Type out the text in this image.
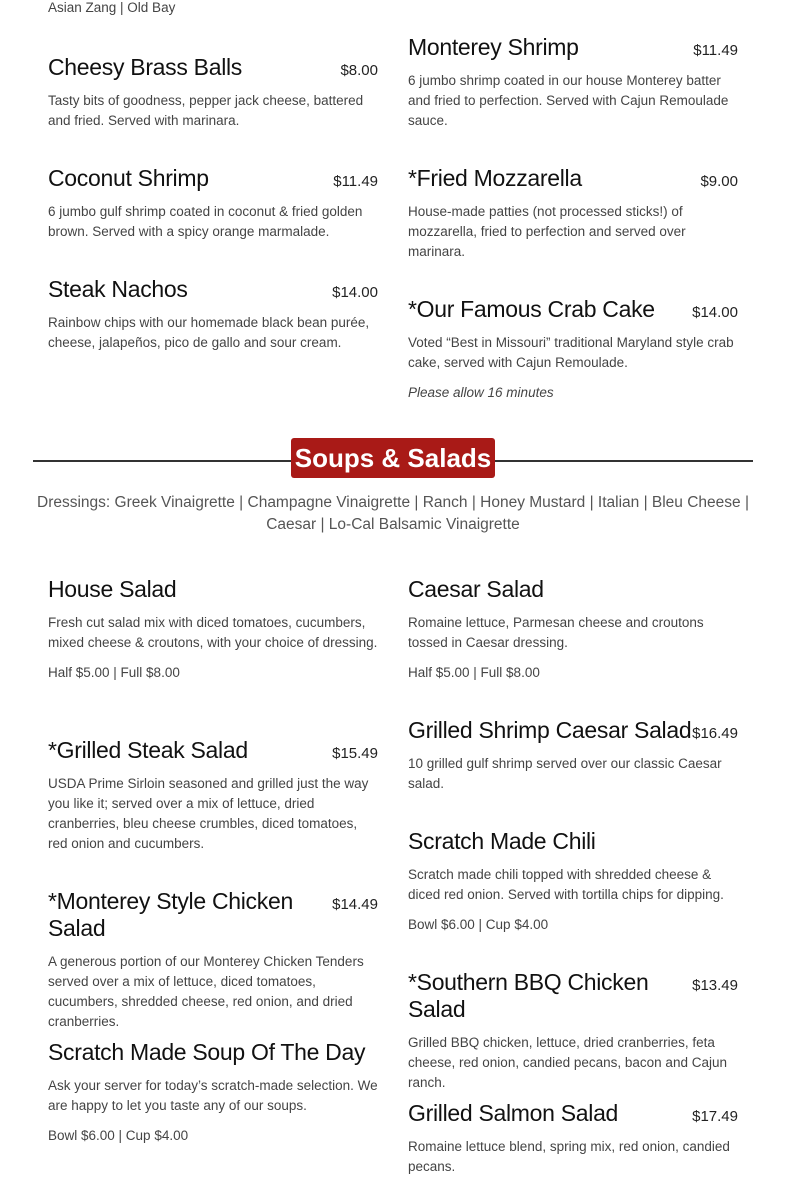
Asian Zang | Old Bay
Cheesy Brass Balls	$8.00
Tasty bits of goodness, pepper jack cheese, battered and fried. Served with marinara.
Coconut Shrimp	$11.49
6 jumbo gulf shrimp coated in coconut & fried golden brown. Served with a spicy orange marmalade.
Steak Nachos	$14.00
Rainbow chips with our homemade black bean purée, cheese, jalapeños, pico de gallo and sour cream.
Monterey Shrimp	$11.49
6 jumbo shrimp coated in our house Monterey batter and fried to perfection. Served with Cajun Remoulade sauce.
*Fried Mozzarella	$9.00
House-made patties (not processed sticks!) of mozzarella, fried to perfection and served over marinara.
*Our Famous Crab Cake $14.00
Voted “Best in Missouri” traditional Maryland style crab cake, served with Cajun Remoulade.
Please allow 16 minutes
Soups & Salads
Dressings: Greek Vinaigrette | Champagne Vinaigrette | Ranch | Honey Mustard | Italian | Bleu Cheese | Caesar | Lo-Cal Balsamic Vinaigrette
House Salad
Fresh cut salad mix with diced tomatoes, cucumbers, mixed cheese & croutons, with your choice of dressing.
Half $5.00 | Full $8.00
*Grilled Steak Salad	$15.49
USDA Prime Sirloin seasoned and grilled just the way you like it; served over a mix of lettuce, dried cranberries, bleu cheese crumbles, diced tomatoes, red onion and cucumbers.
*Monterey Style Chicken Salad
$14.49
A generous portion of our Monterey Chicken Tenders served over a mix of lettuce, diced tomatoes, cucumbers, shredded cheese, red onion, and dried cranberries.
Scratch Made Soup Of The Day
Ask your server for today’s scratch-made selection. We are happy to let you taste any of our soups.
Bowl $6.00 | Cup $4.00
Caesar Salad
Romaine lettuce, Parmesan cheese and croutons tossed in Caesar dressing.
Half $5.00 | Full $8.00
Grilled Shrimp Caesar Salad $16.49
10 grilled gulf shrimp served over our classic Caesar salad.
Scratch Made Chili
Scratch made chili topped with shredded cheese & diced red onion. Served with tortilla chips for dipping.
Bowl $6.00 | Cup $4.00
*Southern BBQ Chicken Salad
$13.49
Grilled BBQ chicken, lettuce, dried cranberries, feta cheese, red onion, candied pecans, bacon and Cajun ranch.
Grilled Salmon Salad	$17.49
Romaine lettuce blend, spring mix, red onion, candied pecans.
